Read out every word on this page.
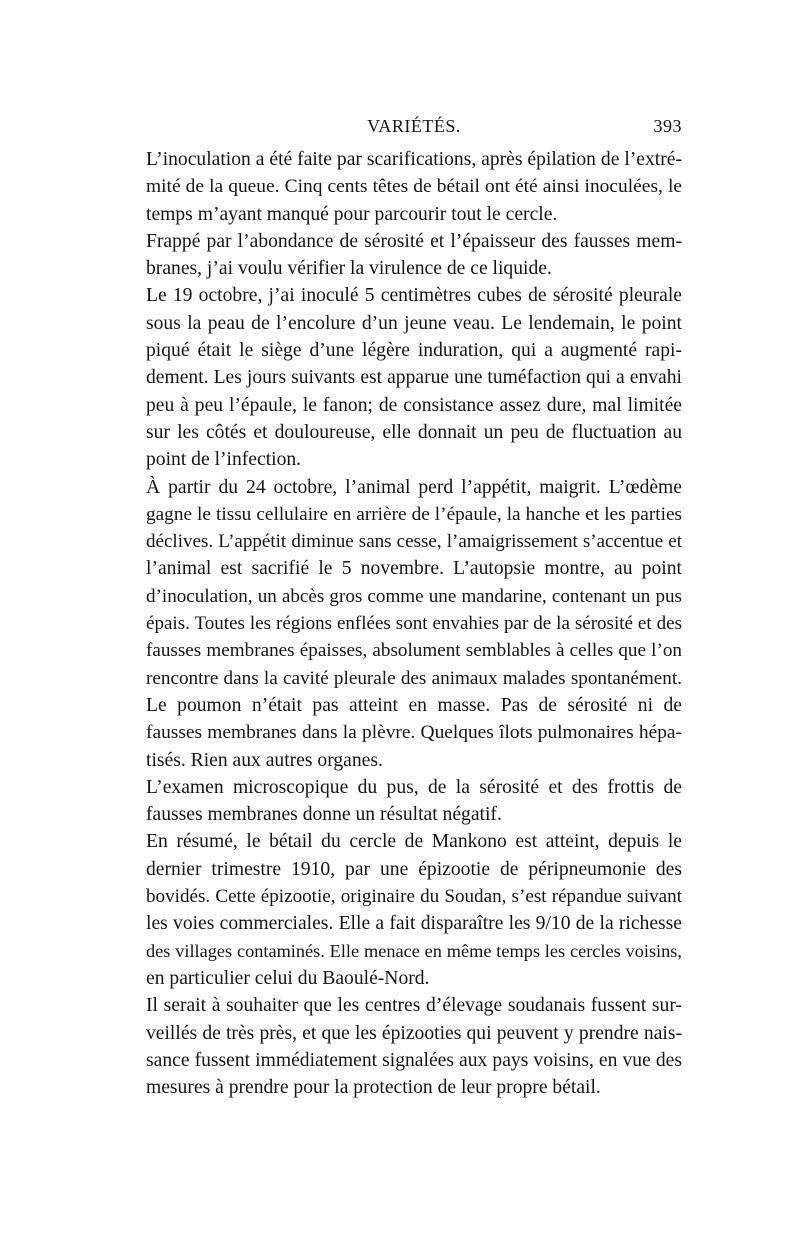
VARIÉTÉS.	393

L’inoculation a été faite par scarifications, après épilation de l’extré-
mité de la queue. Cinq cents têtes de bétail ont été ainsi inoculées, le
temps m’ayant manqué pour parcourir tout le cercle.

Frappé par l’abondance de sérosité et l’épaisseur des fausses mem-
branes, j’ai voulu vérifier la virulence de ce liquide.

Le 19 octobre, j’ai inoculé 5 centimètres cubes de sérosité pleurale
sous la peau de l’encolure d’un jeune veau. Le lendemain, le point
piqué était le siège d’une légère induration, qui a augmenté rapi-
dement. Les jours suivants est apparue une tuméfaction qui a envahi
peu à peu l’épaule, le fanon; de consistance assez dure, mal limitée
sur les côtés et douloureuse, elle donnait un peu de fluctuation au
point de l’infection.

À partir du 24 octobre, l’animal perd l’appétit, maigrit. L’œdème
gagne le tissu cellulaire en arrière de l’épaule, la hanche et les parties
déclives. L’appétit diminue sans cesse, l’amaigrissement s’accentue et
l’animal est sacrifié le 5 novembre. L’autopsie montre, au point
d’inoculation, un abcès gros comme une mandarine, contenant un pus
épais. Toutes les régions enflées sont envahies par de la sérosité et des
fausses membranes épaisses, absolument semblables à celles que l’on
rencontre dans la cavité pleurale des animaux malades spontanément.

Le poumon n’était pas atteint en masse. Pas de sérosité ni de
fausses membranes dans la plèvre. Quelques îlots pulmonaires hépa-
tisés. Rien aux autres organes.

L’examen microscopique du pus, de la sérosité et des frottis de
fausses membranes donne un résultat négatif.

En résumé, le bétail du cercle de Mankono est atteint, depuis le
dernier trimestre 1910, par une épizootie de péripneumonie des
bovidés. Cette épizootie, originaire du Soudan, s’est répandue suivant
les voies commerciales. Elle a fait disparaître les 9/10 de la richesse
des villages contaminés. Elle menace en même temps les cercles voisins,
en particulier celui du Baoulé-Nord.

Il serait à souhaiter que les centres d’élevage soudanais fussent sur-
veillés de très près, et que les épizooties qui peuvent y prendre nais-
sance fussent immédiatement signalées aux pays voisins, en vue des
mesures à prendre pour la protection de leur propre bétail.
